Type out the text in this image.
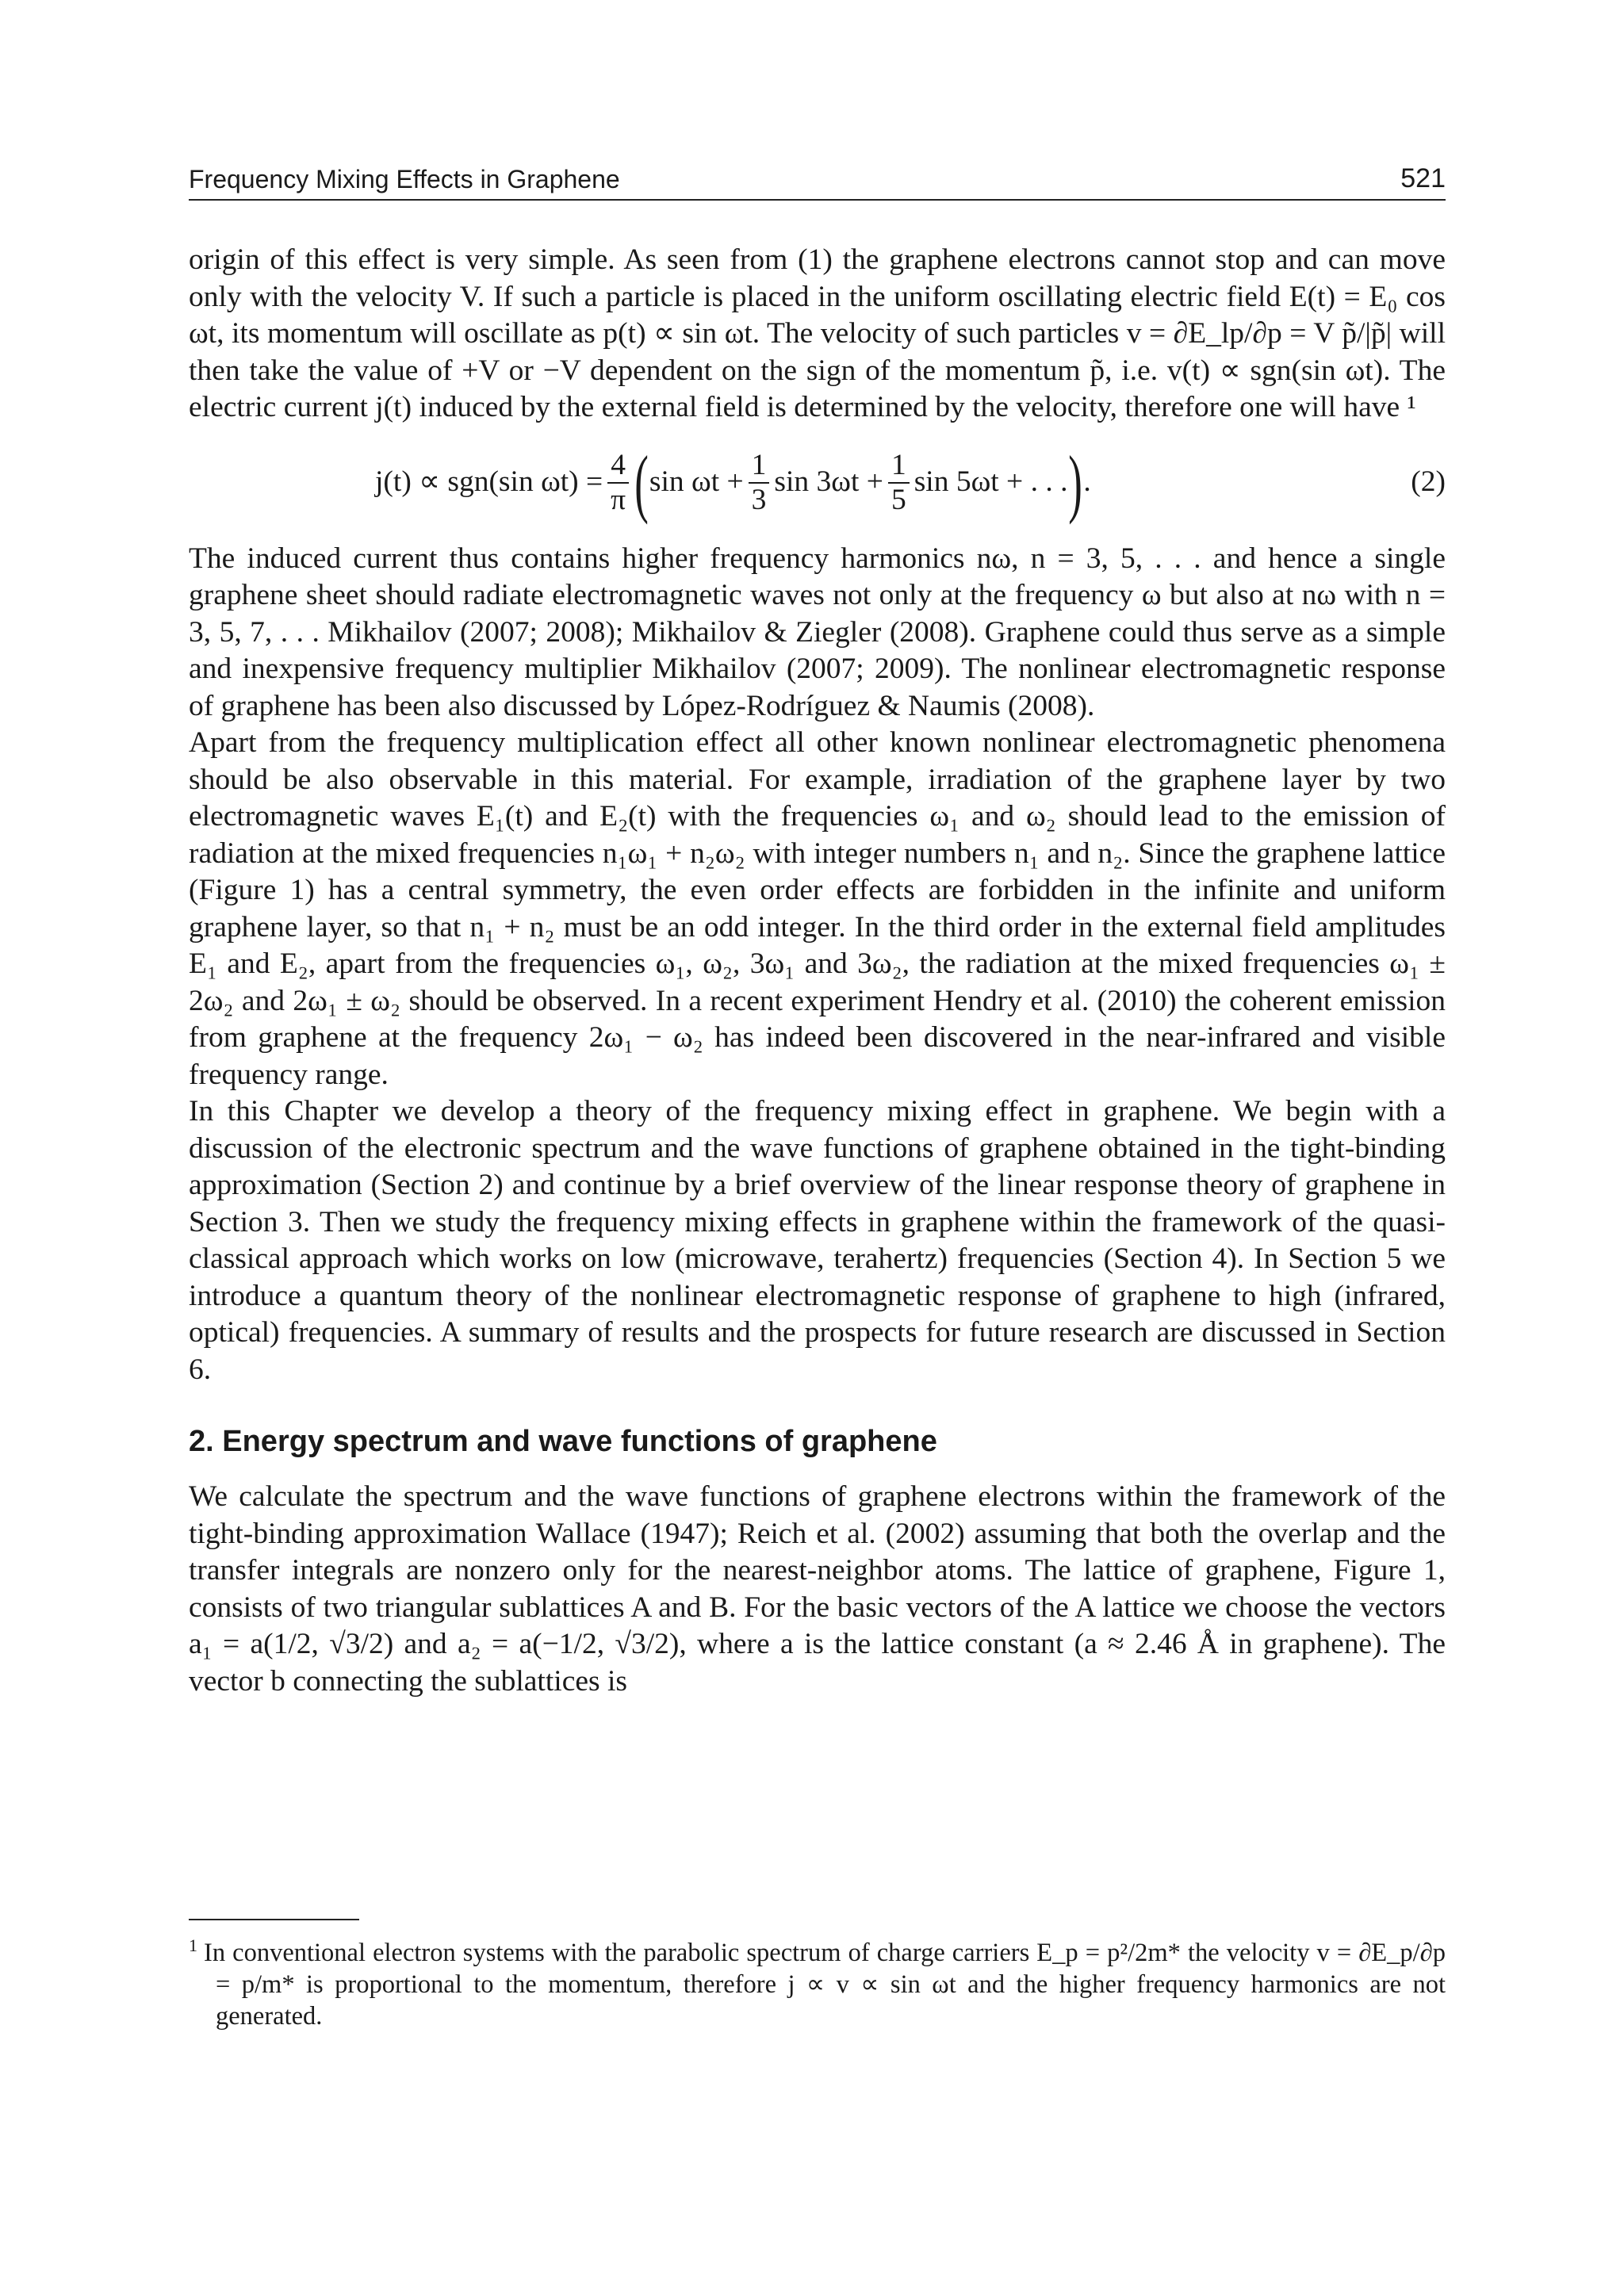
Frequency Mixing Effects in Graphene	521

origin of this effect is very simple. As seen from (1) the graphene electrons cannot stop and can move only with the velocity V. If such a particle is placed in the uniform oscillating electric field E(t) = E₀ cos ωt, its momentum will oscillate as p(t) ∝ sin ωt. The velocity of such particles v = ∂E_lp/∂p = V p̃/|p̃| will then take the value of +V or −V dependent on the sign of the momentum p̃, i.e. v(t) ∝ sgn(sin ωt). The electric current j(t) induced by the external field is determined by the velocity, therefore one will have ¹

j(t) ∝ sgn(sin $\omega t) = \frac{4}{\pi}$ ( $\sin \omega t + \frac{1}{3}$ $\sin 3\omega t + \frac{1}{5}$ sin 5ωt + . . . ) .	(2)

The induced current thus contains higher frequency harmonics nω, n = 3, 5, . . . and hence a single graphene sheet should radiate electromagnetic waves not only at the frequency ω but also at nω with n = 3, 5, 7, . . . Mikhailov (2007; 2008); Mikhailov & Ziegler (2008). Graphene could thus serve as a simple and inexpensive frequency multiplier Mikhailov (2007; 2009). The nonlinear electromagnetic response of graphene has been also discussed by López-Rodríguez & Naumis (2008).

Apart from the frequency multiplication effect all other known nonlinear electromagnetic phenomena should be also observable in this material. For example, irradiation of the graphene layer by two electromagnetic waves E₁(t) and E₂(t) with the frequencies ω₁ and ω₂ should lead to the emission of radiation at the mixed frequencies n₁ω₁ + n₂ω₂ with integer numbers n₁ and n₂. Since the graphene lattice (Figure 1) has a central symmetry, the even order effects are forbidden in the infinite and uniform graphene layer, so that n₁ + n₂ must be an odd integer. In the third order in the external field amplitudes E₁ and E₂, apart from the frequencies ω₁, ω₂, 3ω₁ and 3ω₂, the radiation at the mixed frequencies ω₁ ± 2ω₂ and 2ω₁ ± ω₂ should be observed. In a recent experiment Hendry et al. (2010) the coherent emission from graphene at the frequency 2ω₁ − ω₂ has indeed been discovered in the near-infrared and visible frequency range.

In this Chapter we develop a theory of the frequency mixing effect in graphene. We begin with a discussion of the electronic spectrum and the wave functions of graphene obtained in the tight-binding approximation (Section 2) and continue by a brief overview of the linear response theory of graphene in Section 3. Then we study the frequency mixing effects in graphene within the framework of the quasi-classical approach which works on low (microwave, terahertz) frequencies (Section 4). In Section 5 we introduce a quantum theory of the nonlinear electromagnetic response of graphene to high (infrared, optical) frequencies. A summary of results and the prospects for future research are discussed in Section 6.

2. Energy spectrum and wave functions of graphene

We calculate the spectrum and the wave functions of graphene electrons within the framework of the tight-binding approximation Wallace (1947); Reich et al. (2002) assuming that both the overlap and the transfer integrals are nonzero only for the nearest-neighbor atoms. The lattice of graphene, Figure 1, consists of two triangular sublattices A and B. For the basic vectors of the A lattice we choose the vectors a₁ = a(1/2, √3/2) and a₂ = a(−1/2, √3/2), where a is the lattice constant (a ≈ 2.46 Å in graphene). The vector b connecting the sublattices is

$^1$ In conventional electron systems with the parabolic spectrum of charge carriers E_p = p²/2m* the velocity v = ∂E_p/∂p = p/m* is proportional to the momentum, therefore j ∝ v ∝ sin ωt and the higher frequency harmonics are not generated.
